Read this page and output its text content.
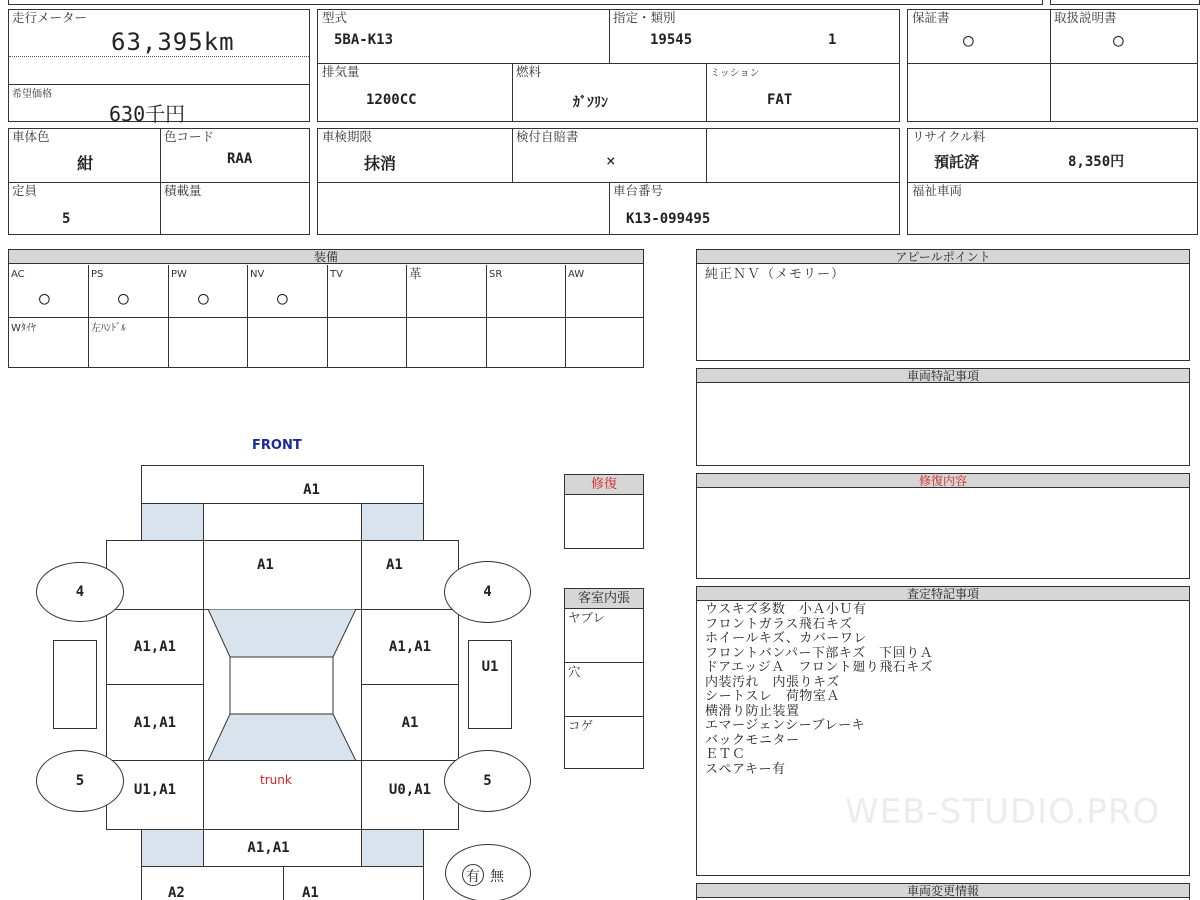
走行メーター
63,395km
希望価格
630千円
型式
5BA-K13
指定・類別
19545	1
排気量
1200CC
燃料
ｶﾞｿﾘﾝ
ミッション
FAT
保証書
○
取扱説明書
○
車体色
紺
色コード
RAA
定員
5
積載量
車検期限
抹消
検付自賠書
×
車台番号
K13-099495
リサイクル料
預託済	8,350円
福祉車両
装備
AC
○
PS
○
PW
○
NV
○
TV	革	SR	AW
Wﾀｲﾔ	左ﾊﾝﾄﾞﾙ
アピールポイント
純正ＮＶ（メモリー）
車両特記事項
修復内容
査定特記事項
ウスキズ多数　小Ａ小Ｕ有
フロントガラス飛石キズ
ホイールキズ、カバーワレ
フロントバンパー下部キズ　下回りＡ
ドアエッジＡ　フロント廻り飛石キズ
内装汚れ　内張りキズ
シートスレ　荷物室Ａ
横滑り防止装置
エマージェンシーブレーキ
バックモニター
ＥＴＣ
スペアキー有
WEB-STUDIO.PRO
車両変更情報
修復
客室内張
ヤブレ
穴
コゲ
FRONT
A1
A1	A1
A1,A1	A1,A1
A1,A1	A1
U1,A1
trunk
U0,A1
A1,A1
A2	A1
4	4
5	5
U1
有 無
